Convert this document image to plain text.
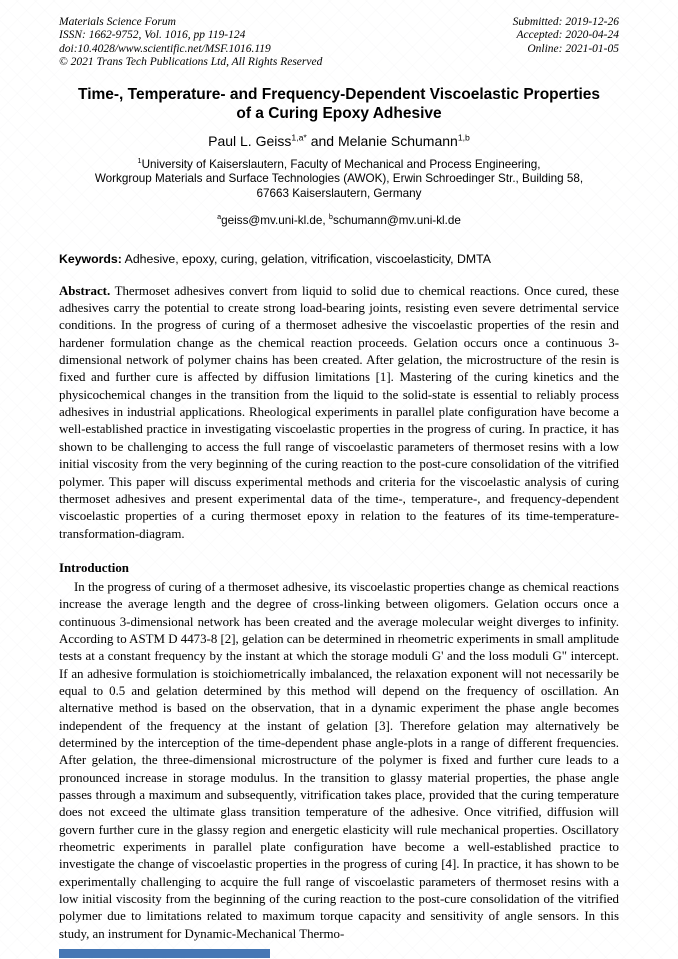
Materials Science Forum
ISSN: 1662-9752, Vol. 1016, pp 119-124
doi:10.4028/www.scientific.net/MSF.1016.119
© 2021 Trans Tech Publications Ltd, All Rights Reserved
Submitted: 2019-12-26
Accepted: 2020-04-24
Online: 2021-01-05
Time-, Temperature- and Frequency-Dependent Viscoelastic Properties
of a Curing Epoxy Adhesive
Paul L. Geiss$^{1,a*}$ and Melanie Schumann$^{1,b}$
$^1$University of Kaiserslautern, Faculty of Mechanical and Process Engineering,
Workgroup Materials and Surface Technologies (AWOK), Erwin Schroedinger Str., Building 58,
67663 Kaiserslautern, Germany
$^a$geiss@mv.uni-kl.de, $^b$schumann@mv.uni-kl.de

Keywords: Adhesive, epoxy, curing, gelation, vitrification, viscoelasticity, DMTA

Abstract. Thermoset adhesives convert from liquid to solid due to chemical reactions. Once cured, these adhesives carry the potential to create strong load-bearing joints, resisting even severe detrimental service conditions. In the progress of curing of a thermoset adhesive the viscoelastic properties of the resin and hardener formulation change as the chemical reaction proceeds. Gelation occurs once a continuous 3-dimensional network of polymer chains has been created. After gelation, the microstructure of the resin is fixed and further cure is affected by diffusion limitations [1]. Mastering of the curing kinetics and the physicochemical changes in the transition from the liquid to the solid-state is essential to reliably process adhesives in industrial applications. Rheological experiments in parallel plate configuration have become a well-established practice in investigating viscoelastic properties in the progress of curing. In practice, it has shown to be challenging to access the full range of viscoelastic parameters of thermoset resins with a low initial viscosity from the very beginning of the curing reaction to the post-cure consolidation of the vitrified polymer. This paper will discuss experimental methods and criteria for the viscoelastic analysis of curing thermoset adhesives and present experimental data of the time-, temperature-, and frequency-dependent viscoelastic properties of a curing thermoset epoxy in relation to the features of its time-temperature-transformation-diagram.

Introduction

In the progress of curing of a thermoset adhesive, its viscoelastic properties change as chemical reactions increase the average length and the degree of cross-linking between oligomers. Gelation occurs once a continuous 3-dimensional network has been created and the average molecular weight diverges to infinity. According to ASTM D 4473-8 [2], gelation can be determined in rheometric experiments in small amplitude tests at a constant frequency by the instant at which the storage moduli G' and the loss moduli G" intercept. If an adhesive formulation is stoichiometrically imbalanced, the relaxation exponent will not necessarily be equal to 0.5 and gelation determined by this method will depend on the frequency of oscillation. An alternative method is based on the observation, that in a dynamic experiment the phase angle becomes independent of the frequency at the instant of gelation [3]. Therefore gelation may alternatively be determined by the interception of the time-dependent phase angle-plots in a range of different frequencies. After gelation, the three-dimensional microstructure of the polymer is fixed and further cure leads to a pronounced increase in storage modulus. In the transition to glassy material properties, the phase angle passes through a maximum and subsequently, vitrification takes place, provided that the curing temperature does not exceed the ultimate glass transition temperature of the adhesive. Once vitrified, diffusion will govern further cure in the glassy region and energetic elasticity will rule mechanical properties. Oscillatory rheometric experiments in parallel plate configuration have become a well-established practice to investigate the change of viscoelastic properties in the progress of curing [4]. In practice, it has shown to be experimentally challenging to acquire the full range of viscoelastic parameters of thermoset resins with a low initial viscosity from the beginning of the curing reaction to the post-cure consolidation of the vitrified polymer due to limitations related to maximum torque capacity and sensitivity of angle sensors. In this study, an instrument for Dynamic-Mechanical Thermo-
